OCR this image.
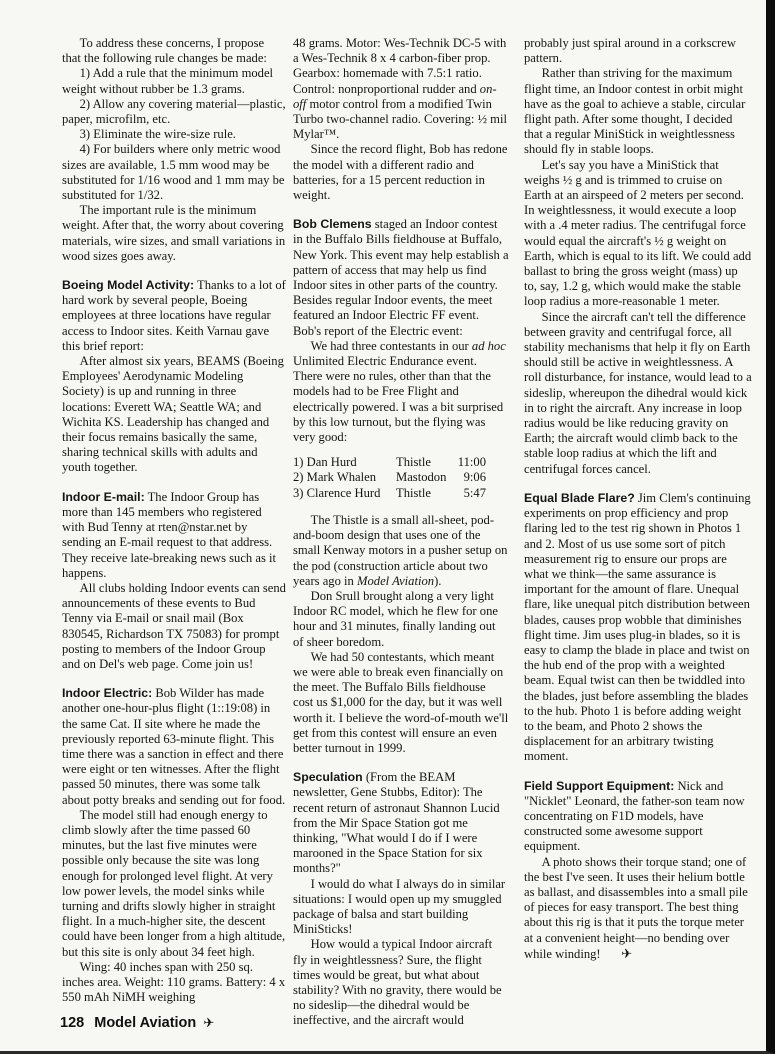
To address these concerns, I propose that the following rule changes be made:

1) Add a rule that the minimum model weight without rubber be 1.3 grams.

2) Allow any covering material—plastic, paper, microfilm, etc.

3) Eliminate the wire-size rule.

4) For builders where only metric wood sizes are available, 1.5 mm wood may be substituted for 1/16 wood and 1 mm may be substituted for 1/32.

The important rule is the minimum weight. After that, the worry about covering materials, wire sizes, and small variations in wood sizes goes away.

Boeing Model Activity: Thanks to a lot of hard work by several people, Boeing employees at three locations have regular access to Indoor sites. Keith Varnau gave this brief report:

After almost six years, BEAMS (Boeing Employees' Aerodynamic Modeling Society) is up and running in three locations: Everett WA; Seattle WA; and Wichita KS. Leadership has changed and their focus remains basically the same, sharing technical skills with adults and youth together.

Indoor E-mail: The Indoor Group has more than 145 members who registered with Bud Tenny at rten@nstar.net by sending an E-mail request to that address. They receive late-breaking news such as it happens.

All clubs holding Indoor events can send announcements of these events to Bud Tenny via E-mail or snail mail (Box 830545, Richardson TX 75083) for prompt posting to members of the Indoor Group and on Del's web page. Come join us!

Indoor Electric: Bob Wilder has made another one-hour-plus flight (1::19:08) in the same Cat. II site where he made the previously reported 63-minute flight. This time there was a sanction in effect and there were eight or ten witnesses. After the flight passed 50 minutes, there was some talk about potty breaks and sending out for food.

The model still had enough energy to climb slowly after the time passed 60 minutes, but the last five minutes were possible only because the site was long enough for prolonged level flight. At very low power levels, the model sinks while turning and drifts slowly higher in straight flight. In a much-higher site, the descent could have been longer from a high altitude, but this site is only about 34 feet high.

Wing: 40 inches span with 250 sq. inches area. Weight: 110 grams. Battery: 4 x 550 mAh NiMH weighing

48 grams. Motor: Wes-Technik DC-5 with a Wes-Technik 8 x 4 carbon-fiber prop. Gearbox: homemade with 7.5:1 ratio. Control: nonproportional rudder and on-off motor control from a modified Twin Turbo two-channel radio. Covering: ½ mil Mylar™.

Since the record flight, Bob has redone the model with a different radio and batteries, for a 15 percent reduction in weight.

Bob Clemens staged an Indoor contest in the Buffalo Bills fieldhouse at Buffalo, New York. This event may help establish a pattern of access that may help us find Indoor sites in other parts of the country. Besides regular Indoor events, the meet featured an Indoor Electric FF event. Bob's report of the Electric event:

We had three contestants in our ad hoc Unlimited Electric Endurance event. There were no rules, other than that the models had to be Free Flight and electrically powered. I was a bit surprised by this low turnout, but the flying was very good:

1) Dan Hurd	Thistle	11:00
2) Mark Whalen	Mastodon	9:06
3) Clarence Hurd	Thistle	5:47

The Thistle is a small all-sheet, pod-and-boom design that uses one of the small Kenway motors in a pusher setup on the pod (construction article about two years ago in Model Aviation).

Don Srull brought along a very light Indoor RC model, which he flew for one hour and 31 minutes, finally landing out of sheer boredom.

We had 50 contestants, which meant we were able to break even financially on the meet. The Buffalo Bills fieldhouse cost us $1,000 for the day, but it was well worth it. I believe the word-of-mouth we'll get from this contest will ensure an even better turnout in 1999.

Speculation (From the BEAM newsletter, Gene Stubbs, Editor): The recent return of astronaut Shannon Lucid from the Mir Space Station got me thinking, "What would I do if I were marooned in the Space Station for six months?"

I would do what I always do in similar situations: I would open up my smuggled package of balsa and start building MiniSticks!

How would a typical Indoor aircraft fly in weightlessness? Sure, the flight times would be great, but what about stability? With no gravity, there would be no sideslip—the dihedral would be ineffective, and the aircraft would

probably just spiral around in a corkscrew pattern.

Rather than striving for the maximum flight time, an Indoor contest in orbit might have as the goal to achieve a stable, circular flight path. After some thought, I decided that a regular MiniStick in weightlessness should fly in stable loops.

Let's say you have a MiniStick that weighs ½ g and is trimmed to cruise on Earth at an airspeed of 2 meters per second. In weightlessness, it would execute a loop with a .4 meter radius. The centrifugal force would equal the aircraft's ½ g weight on Earth, which is equal to its lift. We could add ballast to bring the gross weight (mass) up to, say, 1.2 g, which would make the stable loop radius a more-reasonable 1 meter.

Since the aircraft can't tell the difference between gravity and centrifugal force, all stability mechanisms that help it fly on Earth should still be active in weightlessness. A roll disturbance, for instance, would lead to a sideslip, whereupon the dihedral would kick in to right the aircraft. Any increase in loop radius would be like reducing gravity on Earth; the aircraft would climb back to the stable loop radius at which the lift and centrifugal forces cancel.

Equal Blade Flare? Jim Clem's continuing experiments on prop efficiency and prop flaring led to the test rig shown in Photos 1 and 2. Most of us use some sort of pitch measurement rig to ensure our props are what we think—the same assurance is important for the amount of flare. Unequal flare, like unequal pitch distribution between blades, causes prop wobble that diminishes flight time. Jim uses plug-in blades, so it is easy to clamp the blade in place and twist on the hub end of the prop with a weighted beam. Equal twist can then be twiddled into the blades, just before assembling the blades to the hub. Photo 1 is before adding weight to the beam, and Photo 2 shows the displacement for an arbitrary twisting moment.

Field Support Equipment: Nick and "Nicklet" Leonard, the father-son team now concentrating on F1D models, have constructed some awesome support equipment.

A photo shows their torque stand; one of the best I've seen. It uses their helium bottle as ballast, and disassembles into a small pile of pieces for easy transport. The best thing about this rig is that it puts the torque meter at a convenient height—no bending over while winding! ✈

128 Model Aviation ✈
